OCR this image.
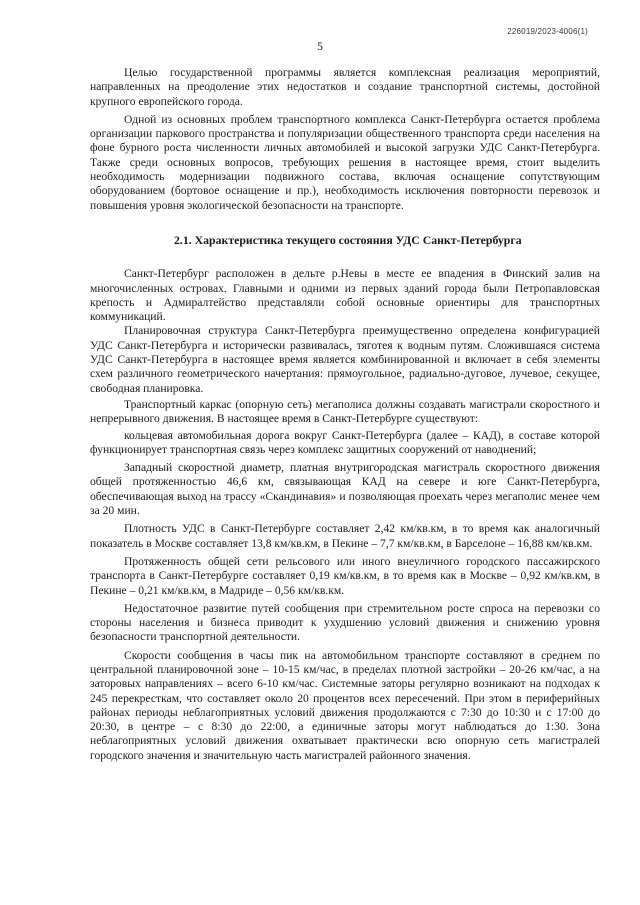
226019/2023-4006(1)
5

Целью государственной программы является комплексная реализация мероприятий, направленных на преодоление этих недостатков и создание транспортной системы, достойной крупного европейского города.

Одной из основных проблем транспортного комплекса Санкт-Петербурга остается проблема организации паркового пространства и популяризации общественного транспорта среди населения на фоне бурного роста численности личных автомобилей и высокой загрузки УДС Санкт-Петербурга. Также среди основных вопросов, требующих решения в настоящее время, стоит выделить необходимость модернизации подвижного состава, включая оснащение сопутствующим оборудованием (бортовое оснащение и пр.), необходимость исключения повторности перевозок и повышения уровня экологической безопасности на транспорте.

2.1. Характеристика текущего состояния УДС Санкт-Петербурга

Санкт-Петербург расположен в дельте р.Невы в месте ее впадения в Финский залив на многочисленных островах. Главными и одними из первых зданий города были Петропавловская крепость и Адмиралтейство представляли собой основные ориентиры для транспортных коммуникаций.

Планировочная структура Санкт-Петербурга преимущественно определена конфигурацией УДС Санкт-Петербурга и исторически развивалась, тяготея к водным путям. Сложившаяся система УДС Санкт-Петербурга в настоящее время является комбинированной и включает в себя элементы схем различного геометрического начертания: прямоугольное, радиально-дуговое, лучевое, секущее, свободная планировка.

Транспортный каркас (опорную сеть) мегаполиса должны создавать магистрали скоростного и непрерывного движения. В настоящее время в Санкт-Петербурге существуют:

кольцевая автомобильная дорога вокруг Санкт-Петербурга (далее – КАД), в составе которой функционирует транспортная связь через комплекс защитных сооружений от наводнений;

Западный скоростной диаметр, платная внутригородская магистраль скоростного движения общей протяженностью 46,6 км, связывающая КАД на севере и юге Санкт-Петербурга, обеспечивающая выход на трассу «Скандинавия» и позволяющая проехать через мегаполис менее чем за 20 мин.

Плотность УДС в Санкт-Петербурге составляет 2,42 км/кв.км, в то время как аналогичный показатель в Москве составляет 13,8 км/кв.км, в Пекине – 7,7 км/кв.км, в Барселоне – 16,88 км/кв.км.

Протяженность общей сети рельсового или иного внеуличного городского пассажирского транспорта в Санкт-Петербурге составляет 0,19 км/кв.км, в то время как в Москве – 0,92 км/кв.км, в Пекине – 0,21 км/кв.км, в Мадриде – 0,56 км/кв.км.

Недостаточное развитие путей сообщения при стремительном росте спроса на перевозки со стороны населения и бизнеса приводит к ухудшению условий движения и снижению уровня безопасности транспортной деятельности.

Скорости сообщения в часы пик на автомобильном транспорте составляют в среднем по центральной планировочной зоне – 10-15 км/час, в пределах плотной застройки – 20-26 км/час, а на заторовых направлениях – всего 6-10 км/час. Системные заторы регулярно возникают на подходах к 245 перекресткам, что составляет около 20 процентов всех пересечений. При этом в периферийных районах периоды неблагоприятных условий движения продолжаются с 7:30 до 10:30 и с 17:00 до 20:30, в центре – с 8:30 до 22:00, а единичные заторы могут наблюдаться до 1:30. Зона неблагоприятных условий движения охватывает практически всю опорную сеть магистралей городского значения и значительную часть магистралей районного значения.
